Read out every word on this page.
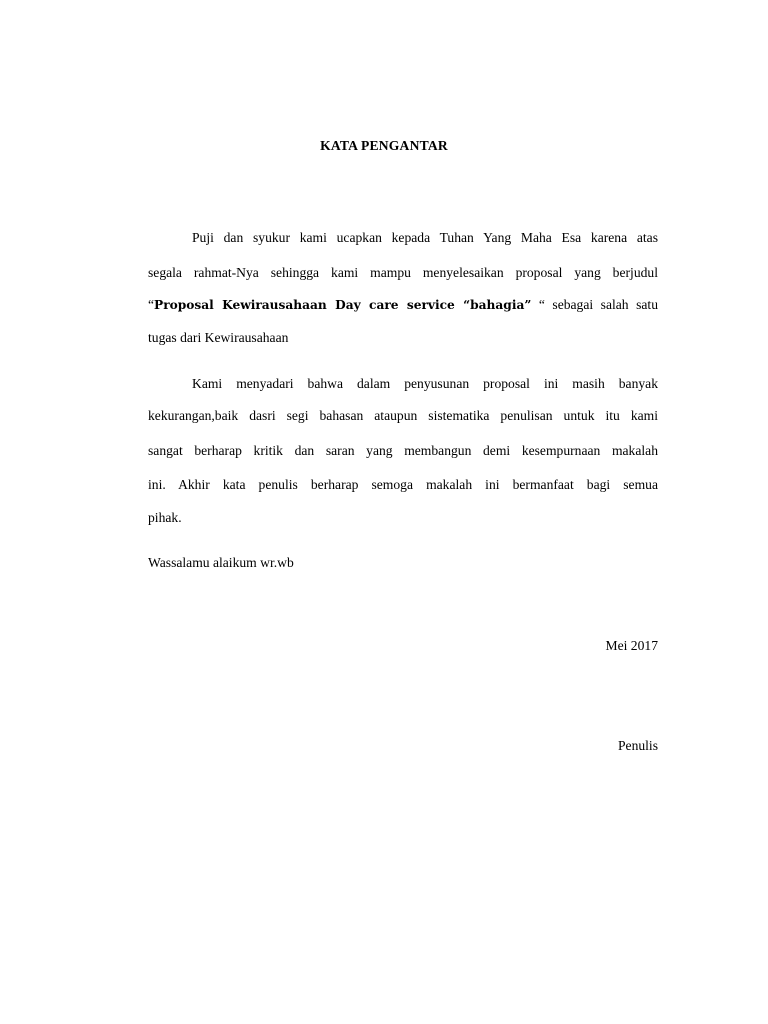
KATA PENGANTAR
Puji dan syukur kami ucapkan kepada Tuhan Yang Maha Esa karena atas
segala rahmat-Nya sehingga kami mampu menyelesaikan proposal yang berjudul
“Proposal Kewirausahaan Day care service “bahagia” “ sebagai salah satu
tugas dari Kewirausahaan
Kami menyadari bahwa dalam penyusunan proposal ini masih banyak
kekurangan,baik dasri segi bahasan ataupun sistematika penulisan untuk itu kami
sangat berharap kritik dan saran yang membangun demi kesempurnaan makalah
ini. Akhir kata penulis berharap semoga makalah ini bermanfaat bagi semua
pihak.
Wassalamu alaikum wr.wb
Mei 2017
Penulis
